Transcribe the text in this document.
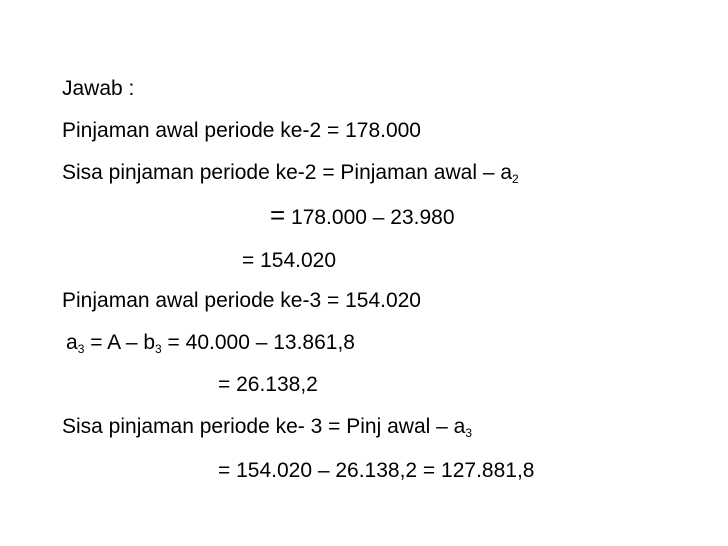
Jawab :
Pinjaman awal periode ke-2 = 178.000
Sisa pinjaman periode ke-2 = Pinjaman awal – $a_2$
= 178.000 – 23.980
= 154.020
Pinjaman awal periode ke-3 = 154.020
$a_3 = A - b_3 = 40.000 - 13.861,8$
= 26.138,2
Sisa pinjaman periode ke- 3 = Pinj awal – $a_3$
= 154.020 – 26.138,2 = 127.881,8
